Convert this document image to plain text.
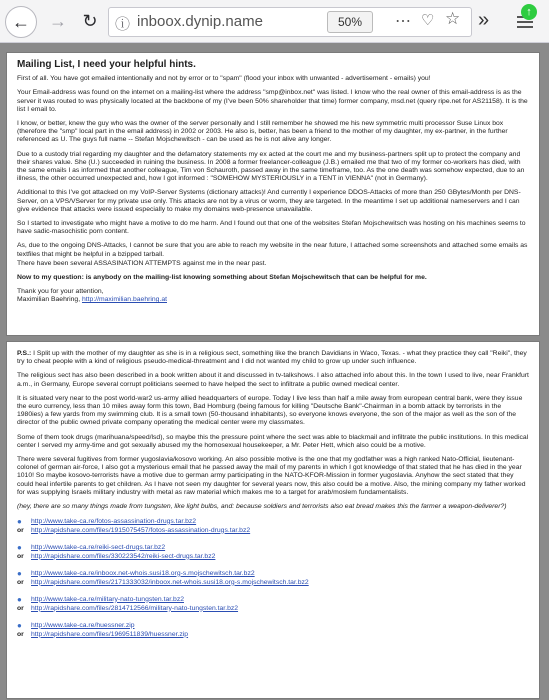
← → ↻ ⓘ inboox.dynip.name	50%	⋯ ♡ ☆ »	↑
Mailing List, I need your helpful hints.

First of all. You have got emailed intentionally and not by error or to "spam" (flood your inbox with unwanted - advertisement - emails) you!

Your Email-address was found on the internet on a mailing-list where the address "smp@inbox.net" was listed. I know who the real owner of this email-address is as the server it was routed to was physically located at the backbone of my (I've been 50% shareholder that time) former company, msd.net (query ripe.net for AS21158). It is the list I email to.

I know, or better, knew the guy who was the owner of the server personally and I still remember he showed me his new symmetric multi processor Suse Linux box (therefore the "smp" local part in the email address) in 2002 or 2003. He also is, better, has been a friend to the mother of my daughter, my ex-partner, in the further referenced as U. The guys full name -- Stefan Mojschewitsch - can be used as he is not alive any longer.

Due to a custody trial regarding my daughter and the defamatory statements my ex acted at the court me and my business-partners split up to protect the company and their shares value. She (U.) succeeded in ruining the business. In 2008 a former freelancer-colleague (J.B.) emailed me that two of my former co-workers has died, with the same emails I as informed that another colleague, Tim von Schauroth, passed away in the same timeframe, too. As the one death was somehow expected, due to an illness, the other occurred unexpected and, how I got informed : "SOMEHOW MYSTERIOUSLY in a TENT in VIENNA" (not in Germany).

Additional to this I've got attacked on my VoIP-Server Systems (dictionary attacks)! And currently I experience DDOS-Attacks of more than 250 GBytes/Month per DNS-Server, on a VPS/VServer for my private use only. This attacks are not by a virus or worm, they are targeted. In the meantime I set up additional nameservers and I can give evidence that attacks were issued especially to make my domains web-presence unavailable.

So I started to investigate who might have a motive to do me harm. And I found out that one of the websites Stefan Mojschewitsch was hosting on his machines seems to have sadic-masochistic porn content.

As, due to the ongoing DNS-Attacks, I cannot be sure that you are able to reach my website in the near future, I attached some screenshots and attached some emails as textfiles that might be helpful in a bzipped tarball.

There have been several ASSASINATION ATTEMPTS against me in the near past.

Now to my question: is anybody on the mailing-list knowing something about Stefan Mojschewitsch that can be helpful for me.

Thank you for your attention,
Maximilian Baehring, http://maximilian.baehring.at

P.S.: I Split up with the mother of my daughter as she is in a religious sect, something like the branch Davidians in Waco, Texas. - what they practice they call "Reiki", they try to cheat people with a kind of religious pseudo-medical-threatment and I did not wanted my child to grow up under such influence.

The religious sect has also been described in a book written about it and discussed in tv-talkshows. I also attached info about this. In the town I used to live, near Frankfurt a.m., in Germany, Europe several corrupt politicians seemed to have helped the sect to infiltrate a public owned medical center.

It is situated very near to the post world-war2 us-army allied headquarters of europe. Today I live less than half a mile away from european central bank, were they issue the euro currency, less than 10 miles away form this town, Bad Homburg (being famous for killing "Deutsche Bank"-Chairman in a bomb attack by terrorists in the 1980ies) a few yards from my swimming club. It is a small town (50-thousand inhabitants), so everyone knows everyone, the son of the major as well as the son of the director of the public owned private company operating the medical center were my classmates.

Some of them took drugs (marihuana/speed/lsd), so maybe this the pressure point where the sect was able to blackmail and infiltrate the public institutions. In this medical center I served my army-time and got sexually abused my the homosexual housekeeper, a Mr. Peter Hett, which also could be a motive.

There were several fugitives from former yugoslavia/kosovo working. An also possible motive is the one that my godfather was a high ranked Nato-Official, lieutenant-colonel of german air-force, I also got a mysterious email that he passed away the mail of my parents in which I got knowledge of that stated that he has died in the year 1010! So maybe kosovo-terrorists have a motive due to german army participating in the NATO-KFOR-Mission in former yugoslavia. Anyhow the sect stated that they could heal infertile parents to get children. As I have not seen my daughter for several years now, this also could be a motive. Also, the mining company my father worked for was supplying Israels military industry with metal as raw material which makes me to a target for arab/moslem fundamentalists.

(hey, there are so many things made from tungsten, like light bulbs, and: because soldiers and terrorists also eat bread makes this the farmer a weapon-deliverer?)

●	http://www.take-ca.re/fotos-assassination-drugs.tar.bz2
or	http://rapidshare.com/files/1915075457/fotos-assassination-drugs.tar.bz2
●	http://www.take-ca.re/reiki-sect-drugs.tar.bz2
or	http://rapidshare.com/files/330223542/reiki-sect-drugs.tar.bz2
●	http://www.take-ca.re/inboox.net-whois.susi18.org-s.mojschewitsch.tar.bz2
or	http://rapidshare.com/files/2171333032/inboox.net-whois.susi18.org-s.mojschewitsch.tar.bz2
●	http://www.take-ca.re/military-nato-tungsten.tar.bz2
or	http://rapidshare.com/files/2814712566/military-nato-tungsten.tar.bz2
●	http://www.take-ca.re/huessner.zip
or	http://rapidshare.com/files/1969511839/huessner.zip
